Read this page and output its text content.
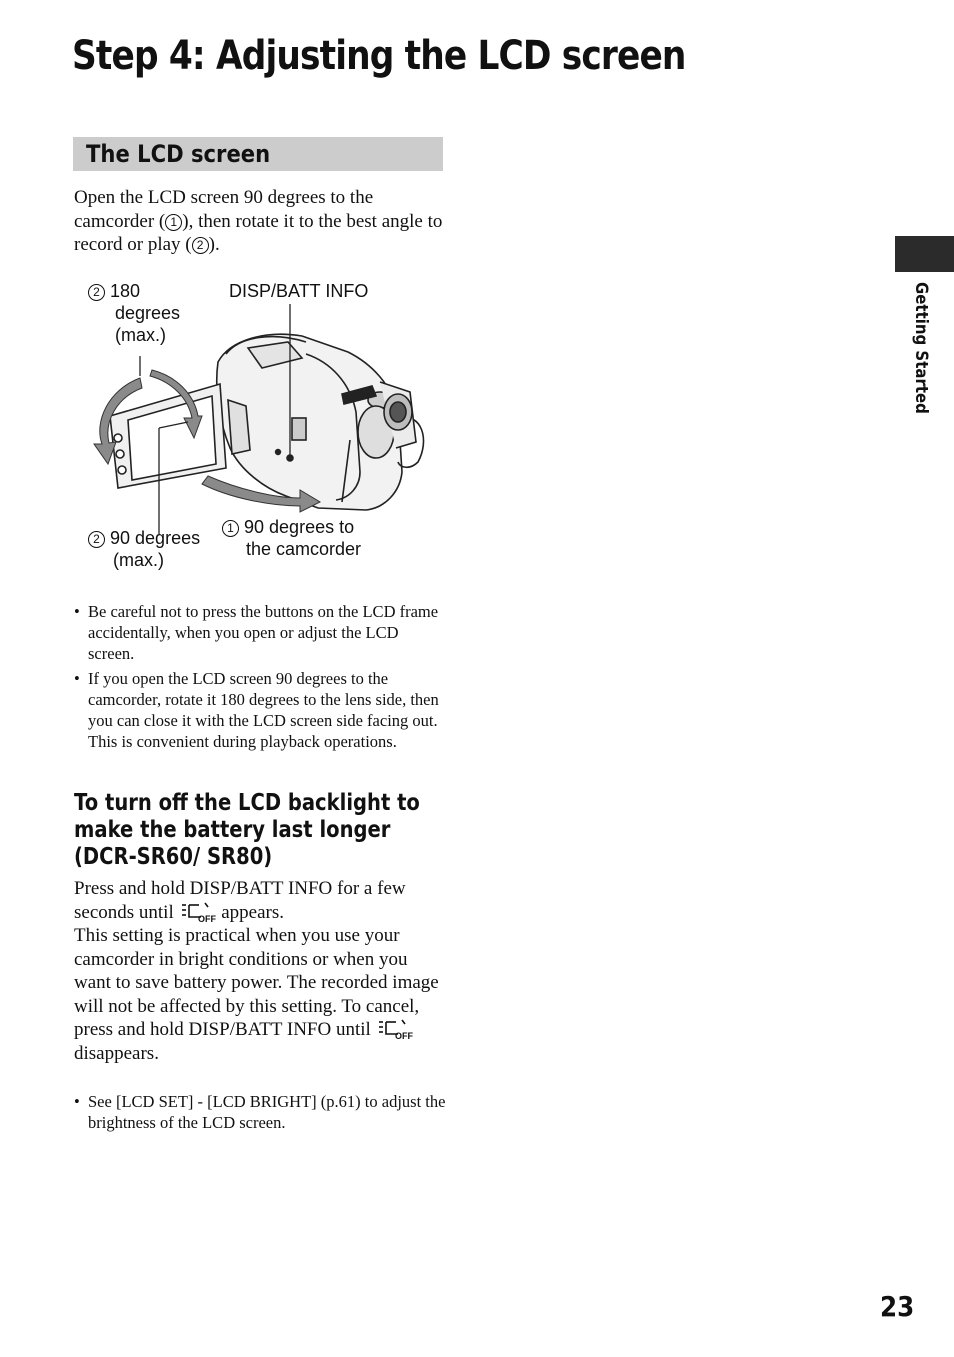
Step 4: Adjusting the LCD screen
The LCD screen

Open the LCD screen 90 degrees to the camcorder ( 1 ), then rotate it to the best angle to record or play ( 2 ).

2 180
degrees
(max.)
DISP/BATT INFO
2 90 degrees
(max.)
1 90 degrees to
the camcorder
• Be careful not to press the buttons on the LCD frame accidentally, when you open or adjust the LCD screen.
• If you open the LCD screen 90 degrees to the camcorder, rotate it 180 degrees to the lens side, then you can close it with the LCD screen side facing out. This is convenient during playback operations.
To turn off the LCD backlight to make the battery last longer (DCR-SR60/ SR80)

Press and hold DISP/BATT INFO for a few seconds until	OFF appears.
This setting is practical when you use your camcorder in bright conditions or when you want to save battery power. The recorded image will not be affected by this setting. To cancel, press and hold DISP/BATT INFO until	OFF
disappears.

• See [LCD SET] - [LCD BRIGHT] (p.61) to adjust the brightness of the LCD screen.
Getting Started
23
